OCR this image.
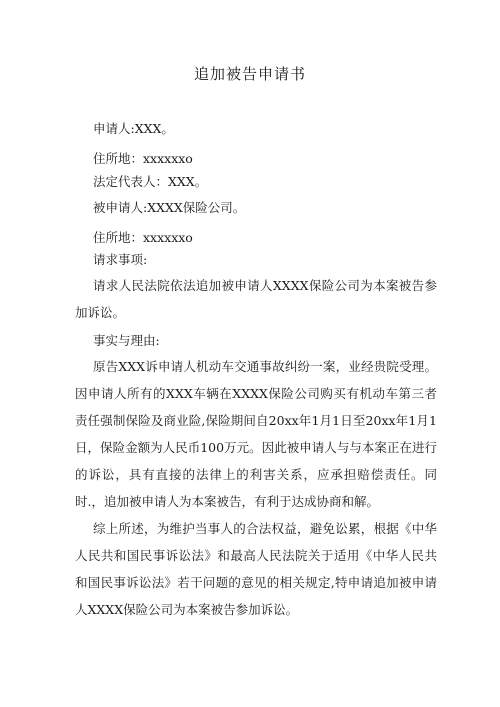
追加被告申请书
申请人:XXX。
住所地：xxxxxxo
法定代表人：XXX。
被申请人:XXXX保险公司。
住所地：xxxxxxo
请求事项:

请求人民法院依法追加被申请人XXXX保险公司为本案被告参加诉讼。

事实与理由:

原告XXX诉申请人机动车交通事故纠纷一案，业经贵院受理。因申请人所有的XXX车辆在XXXX保险公司购买有机动车第三者责任强制保险及商业险,保险期间自20xx年1月1日至20xx年1月1日，保险金额为人民币100万元。因此被申请人与与本案正在进行的诉讼，具有直接的法律上的利害关系，应承担赔偿责任。同时.，追加被申请人为本案被告，有利于达成协商和解。

综上所述，为维护当事人的合法权益，避免讼累，根据《中华人民共和国民事诉讼法》和最高人民法院关于适用《中华人民共和国民事诉讼法》若干问题的意见的相关规定,特申请追加被申请人XXXX保险公司为本案被告参加诉讼。
